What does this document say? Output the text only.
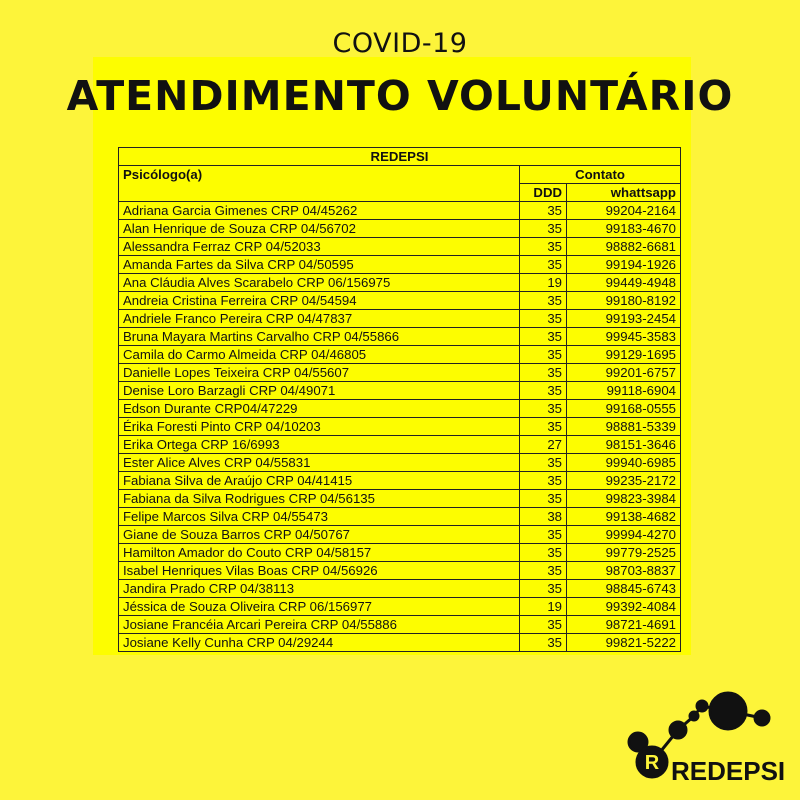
COVID-19
ATENDIMENTO VOLUNTÁRIO
REDEPSI		
Psicólogo(a)	Contato	
	DDD	whattsapp
Adriana Garcia Gimenes CRP 04/45262	35	99204-2164
Alan Henrique de Souza CRP 04/56702	35	99183-4670
Alessandra Ferraz CRP 04/52033	35	98882-6681
Amanda Fartes da Silva CRP 04/50595	35	99194-1926
Ana Cláudia Alves Scarabelo CRP 06/156975	19	99449-4948
Andreia Cristina Ferreira CRP 04/54594	35	99180-8192
Andriele Franco Pereira CRP 04/47837	35	99193-2454
Bruna Mayara Martins Carvalho CRP 04/55866	35	99945-3583
Camila do Carmo Almeida CRP 04/46805	35	99129-1695
Danielle Lopes Teixeira CRP 04/55607	35	99201-6757
Denise Loro Barzagli CRP 04/49071	35	99118-6904
Edson Durante CRP04/47229	35	99168-0555
Érika Foresti Pinto CRP 04/10203	35	98881-5339
Erika Ortega CRP 16/6993	27	98151-3646
Ester Alice Alves CRP 04/55831	35	99940-6985
Fabiana Silva de Araújo CRP 04/41415	35	99235-2172
Fabiana da Silva Rodrigues CRP 04/56135	35	99823-3984
Felipe Marcos Silva CRP 04/55473	38	99138-4682
Giane de Souza Barros CRP 04/50767	35	99994-4270
Hamilton Amador do Couto CRP 04/58157	35	99779-2525
Isabel Henriques Vilas Boas CRP 04/56926	35	98703-8837
Jandira Prado CRP 04/38113	35	98845-6743
Jéssica de Souza Oliveira CRP 06/156977	19	99392-4084
Josiane Francéia Arcari Pereira CRP 04/55886	35	98721-4691
Josiane Kelly Cunha CRP 04/29244	35	99821-5222
R REDEPSI
